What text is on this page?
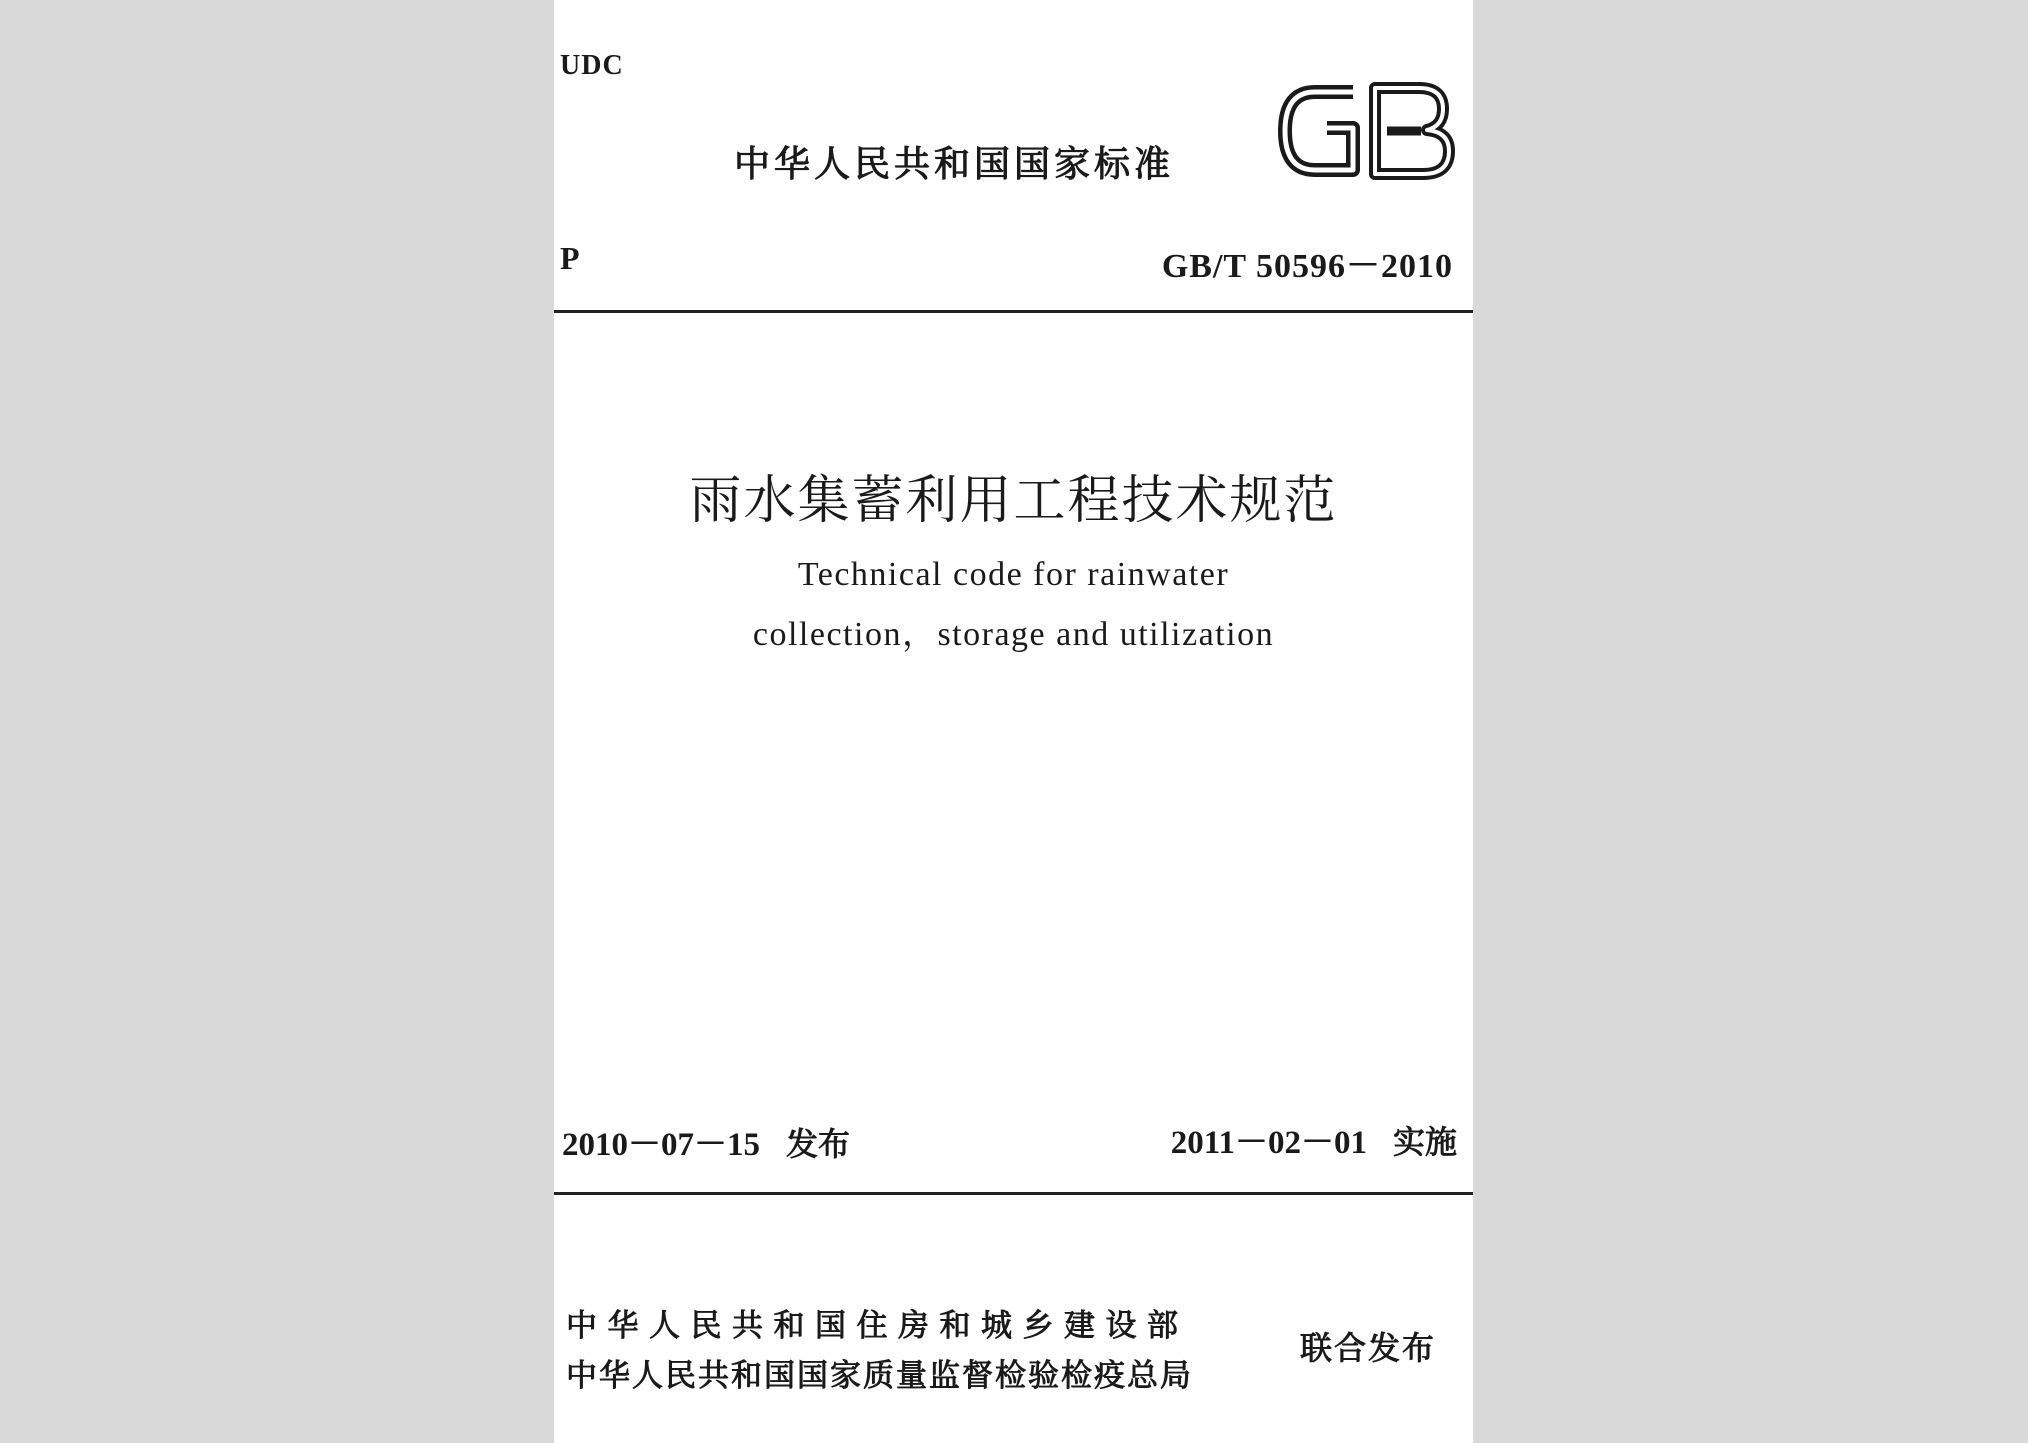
UDC
中华人民共和国国家标准
P	GB/T 50596－2010
雨水集蓄利用工程技术规范
Technical code for rainwater
collection，storage and utilization
2010－07－15 发布	2011－02－01 实施
中华人民共和国住房和城乡建设部
中华人民共和国国家质量监督检验检疫总局
联合发布
